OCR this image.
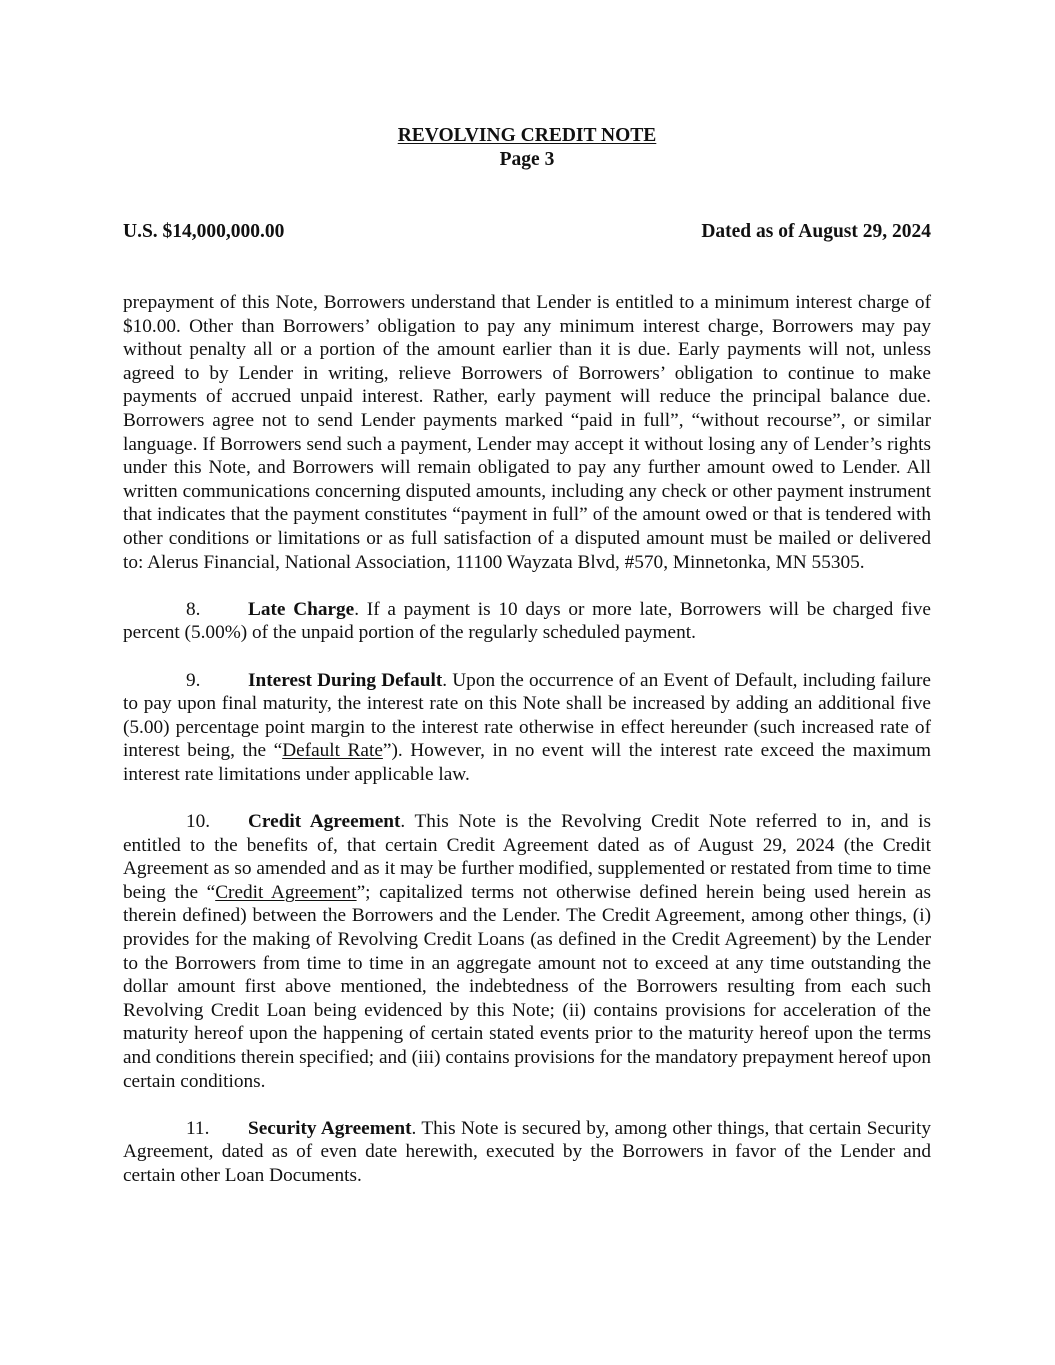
REVOLVING CREDIT NOTE
Page 3
U.S. $14,000,000.00	Dated as of August 29, 2024

prepayment of this Note, Borrowers understand that Lender is entitled to a minimum interest charge of $10.00. Other than Borrowers’ obligation to pay any minimum interest charge, Borrowers may pay without penalty all or a portion of the amount earlier than it is due. Early payments will not, unless agreed to by Lender in writing, relieve Borrowers of Borrowers’ obligation to continue to make payments of accrued unpaid interest. Rather, early payment will reduce the principal balance due. Borrowers agree not to send Lender payments marked “paid in full”, “without recourse”, or similar language. If Borrowers send such a payment, Lender may accept it without losing any of Lender’s rights under this Note, and Borrowers will remain obligated to pay any further amount owed to Lender. All written communications concerning disputed amounts, including any check or other payment instrument that indicates that the payment constitutes “payment in full” of the amount owed or that is tendered with other conditions or limitations or as full satisfaction of a disputed amount must be mailed or delivered to: Alerus Financial, National Association, 11100 Wayzata Blvd, #570, Minnetonka, MN 55305.

8. Late Charge. If a payment is 10 days or more late, Borrowers will be charged five percent (5.00%) of the unpaid portion of the regularly scheduled payment.

9. Interest During Default. Upon the occurrence of an Event of Default, including failure to pay upon final maturity, the interest rate on this Note shall be increased by adding an additional five (5.00) percentage point margin to the interest rate otherwise in effect hereunder (such increased rate of interest being, the “Default Rate”). However, in no event will the interest rate exceed the maximum interest rate limitations under applicable law.

10. Credit Agreement. This Note is the Revolving Credit Note referred to in, and is entitled to the benefits of, that certain Credit Agreement dated as of August 29, 2024 (the Credit Agreement as so amended and as it may be further modified, supplemented or restated from time to time being the “Credit Agreement”; capitalized terms not otherwise defined herein being used herein as therein defined) between the Borrowers and the Lender. The Credit Agreement, among other things, (i) provides for the making of Revolving Credit Loans (as defined in the Credit Agreement) by the Lender to the Borrowers from time to time in an aggregate amount not to exceed at any time outstanding the dollar amount first above mentioned, the indebtedness of the Borrowers resulting from each such Revolving Credit Loan being evidenced by this Note; (ii) contains provisions for acceleration of the maturity hereof upon the happening of certain stated events prior to the maturity hereof upon the terms and conditions therein specified; and (iii) contains provisions for the mandatory prepayment hereof upon certain conditions.

11. Security Agreement. This Note is secured by, among other things, that certain Security Agreement, dated as of even date herewith, executed by the Borrowers in favor of the Lender and certain other Loan Documents.
